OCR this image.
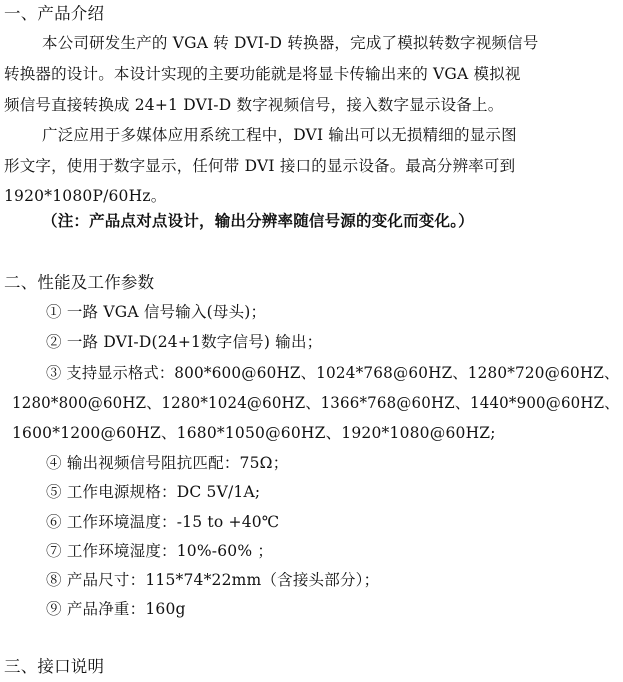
一、产品介绍
本公司研发生产的 VGA 转 DVI-D 转换器，完成了模拟转数字视频信号
转换器的设计。本设计实现的主要功能就是将显卡传输出来的 VGA 模拟视
频信号直接转换成 24+1 DVI-D 数字视频信号，接入数字显示设备上。
广泛应用于多媒体应用系统工程中，DVI 输出可以无损精细的显示图
形文字，使用于数字显示，任何带 DVI 接口的显示设备。最高分辨率可到
1920*1080P/60Hz。
（注：产品点对点设计，输出分辨率随信号源的变化而变化。）
二、性能及工作参数
① 一路 VGA 信号输入(母头)；
② 一路 DVI-D(24+1数字信号) 输出；
③ 支持显示格式：800*600@60HZ、1024*768@60HZ、1280*720@60HZ、
1280*800@60HZ、1280*1024@60HZ、1366*768@60HZ、1440*900@60HZ、
1600*1200@60HZ、1680*1050@60HZ、1920*1080@60HZ;
④ 输出视频信号阻抗匹配：75Ω；
⑤ 工作电源规格：DC 5V/1A;
⑥ 工作环境温度：-15 to +40℃
⑦ 工作环境湿度：10%-60% ；
⑧ 产品尺寸：115*74*22mm（含接头部分）；
⑨ 产品净重：160g
三、接口说明
